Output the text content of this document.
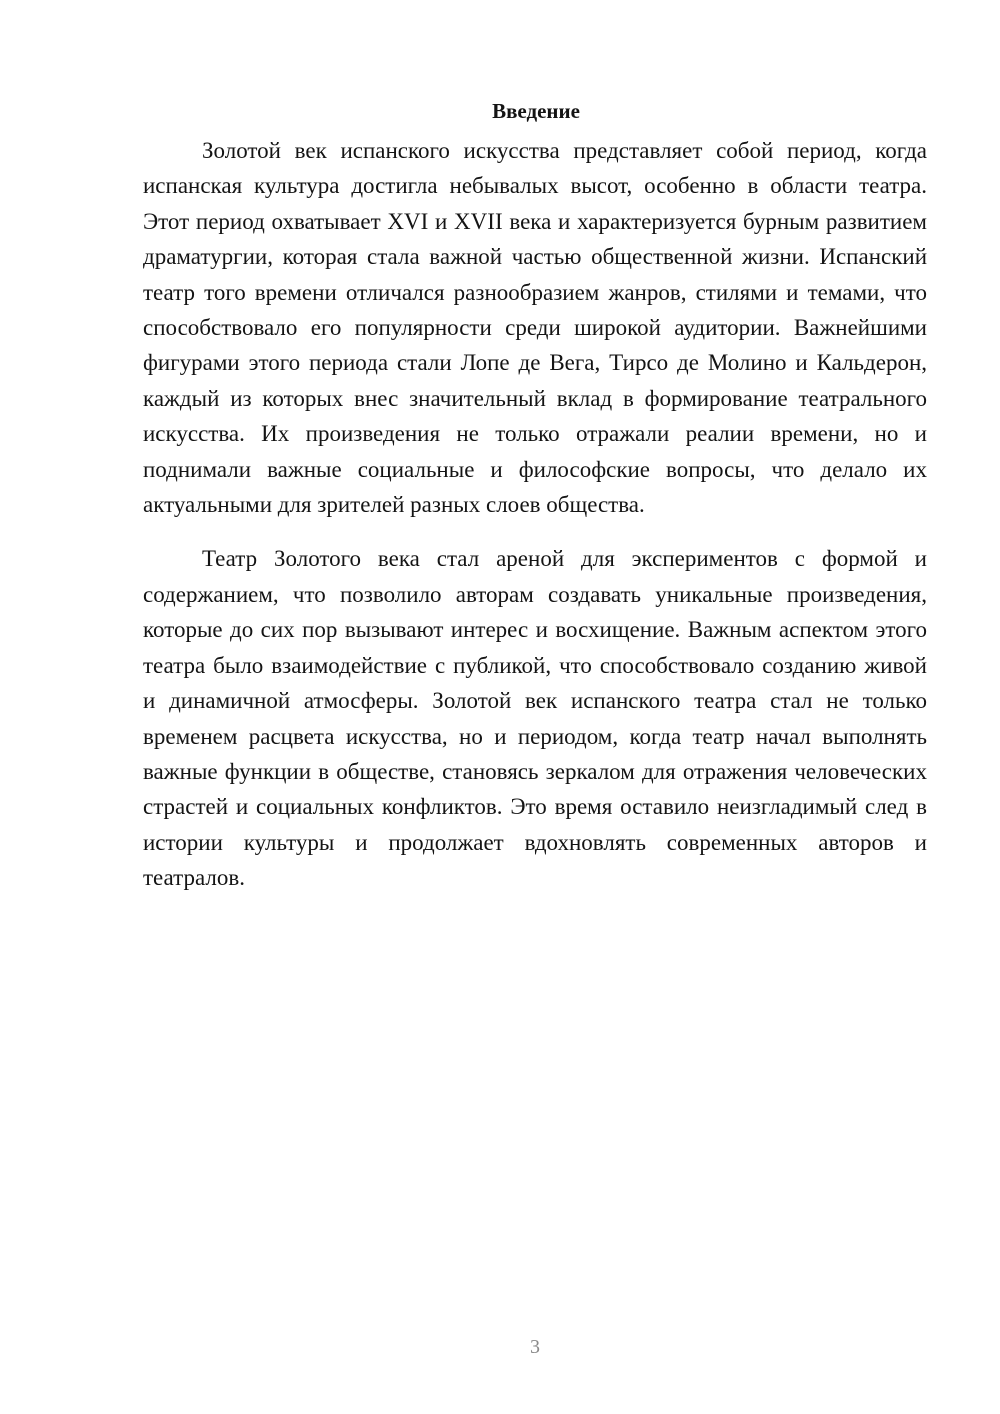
Введение

Золотой век испанского искусства представляет собой период, когда испанская культура достигла небывалых высот, особенно в области театра. Этот период охватывает XVI и XVII века и характеризуется бурным развитием драматургии, которая стала важной частью общественной жизни. Испанский театр того времени отличался разнообразием жанров, стилями и темами, что способствовало его популярности среди широкой аудитории. Важнейшими фигурами этого периода стали Лопе де Вега, Тирсо де Молино и Кальдерон, каждый из которых внес значительный вклад в формирование театрального искусства. Их произведения не только отражали реалии времени, но и поднимали важные социальные и философские вопросы, что делало их актуальными для зрителей разных слоев общества.

Театр Золотого века стал ареной для экспериментов с формой и содержанием, что позволило авторам создавать уникальные произведения, которые до сих пор вызывают интерес и восхищение. Важным аспектом этого театра было взаимодействие с публикой, что способствовало созданию живой и динамичной атмосферы. Золотой век испанского театра стал не только временем расцвета искусства, но и периодом, когда театр начал выполнять важные функции в обществе, становясь зеркалом для отражения человеческих страстей и социальных конфликтов. Это время оставило неизгладимый след в истории культуры и продолжает вдохновлять современных авторов и театралов.

3
